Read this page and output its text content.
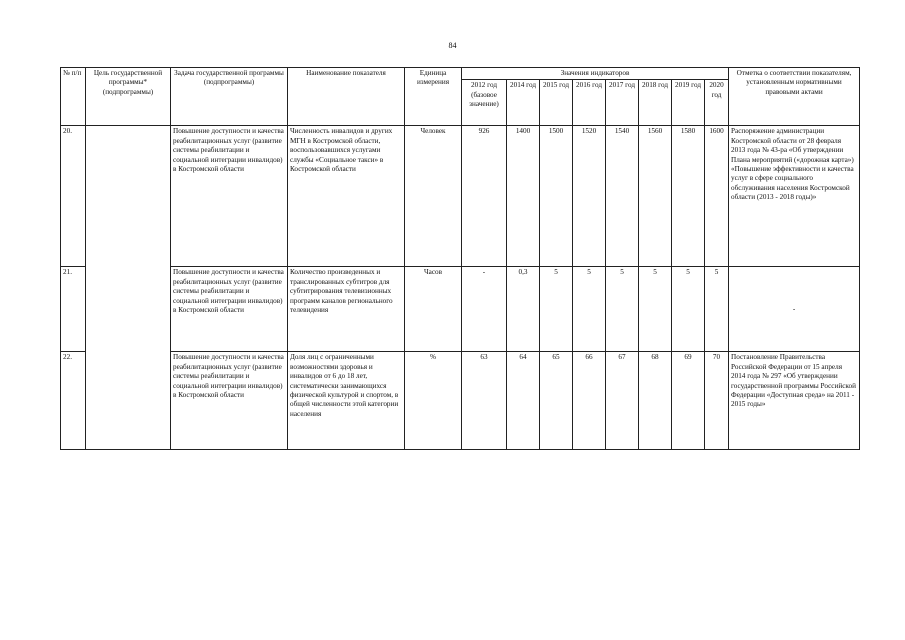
84
№ п/п	Цель государственной программы* (подпрограммы)	Задача государственной программы (подпрограммы)	Наименование показателя	Единица измерения	Значения индикаторов								Отметка о соответствии показателям, установленным нормативными правовыми актами
					2012 год (базовое значение)	2014 год	2015 год	2016 год	2017 год	2018 год	2019 год	2020 год	
20.		Повышение доступности и качества реабилитационных услуг (развитие системы реабилитации и социальной интеграции инвалидов) в Костромской области	Численность инвалидов и других МГН в Костромской области, воспользовавшихся услугами службы «Социальное такси» в Костромской области	Человек	926	1400	1500	1520	1540	1560	1580	1600	Распоряжение администрации Костромской области от 28 февраля 2013 года № 43-ра «Об утверждении Плана мероприятий («дорожная карта») «Повышение эффективности и качества услуг в сфере социального обслуживания населения Костромской области (2013 - 2018 годы)»
21.		Повышение доступности и качества реабилитационных услуг (развитие системы реабилитации и социальной интеграции инвалидов) в Костромской области	Количество произведенных и транслированных субтитров для субтитрирования телевизионных программ каналов регионального телевидения	Часов	-	0,3	5	5	5	5	5	5	-
22.		Повышение доступности и качества реабилитационных услуг (развитие системы реабилитации и социальной интеграции инвалидов) в Костромской области	Доля лиц с ограниченными возможностями здоровья и инвалидов от 6 до 18 лет, систематически занимающихся физической культурой и спортом, в общей численности этой категории населения	%	63	64	65	66	67	68	69	70	Постановление Правительства Российской Федерации от 15 апреля 2014 года № 297 «Об утверждении государственной программы Российской Федерации «Доступная среда» на 2011 - 2015 годы»
